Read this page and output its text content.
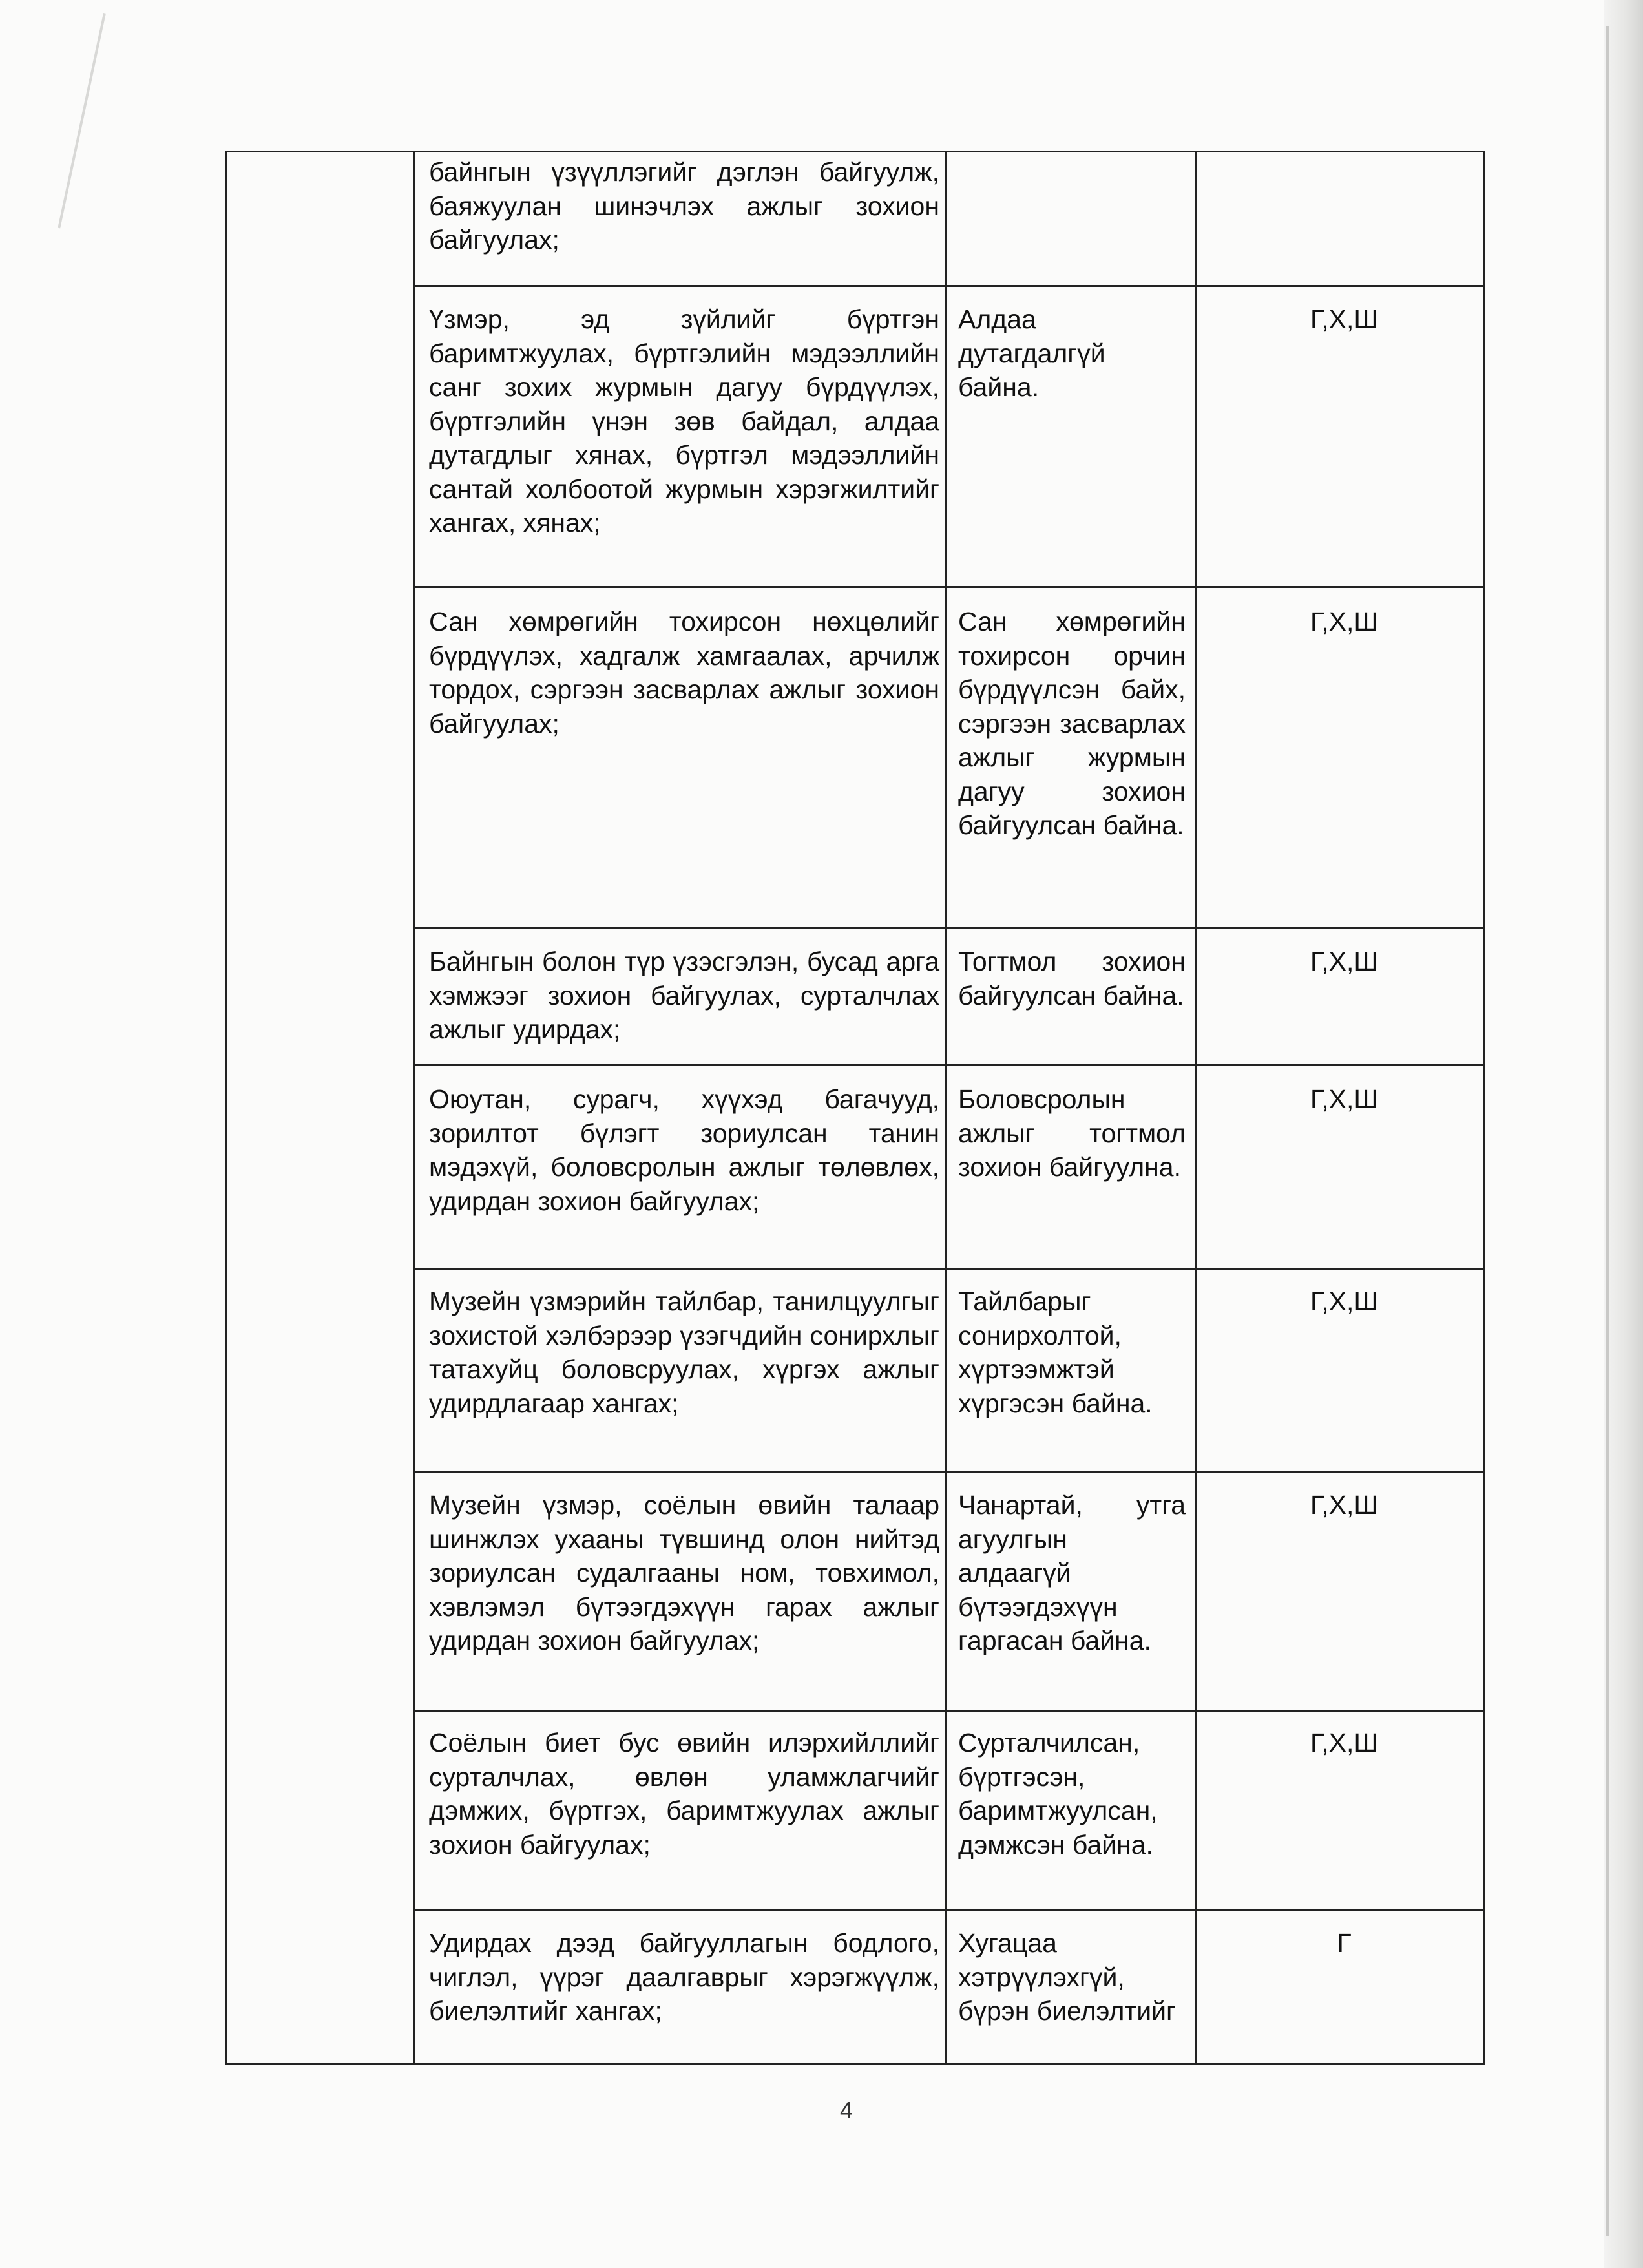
байнгын үзүүллэгийг дэглэн байгуулж, баяжуулан шинэчлэх ажлыг зохион байгуулах;
Үзмэр, эд зүйлийг бүртгэн баримтжуулах, бүртгэлийн мэдээллийн санг зохих журмын дагуу бүрдүүлэх, бүртгэлийн үнэн зөв байдал, алдаа дутагдлыг хянах, бүртгэл мэдээллийн сантай холбоотой журмын хэрэгжилтийг хангах, хянах;
Алдаа дутагдалгүй байна.
Г,Х,Ш
Сан хөмрөгийн тохирсон нөхцөлийг бүрдүүлэх, хадгалж хамгаалах, арчилж тордох, сэргээн засварлах ажлыг зохион байгуулах;
Сан хөмрөгийн тохирсон орчин бүрдүүлсэн байх, сэргээн засварлах ажлыг журмын дагуу зохион байгуулсан байна.
Г,Х,Ш
Байнгын болон түр үзэсгэлэн, бусад арга хэмжээг зохион байгуулах, сурталчлах ажлыг удирдах;
Тогтмол зохион байгуулсан байна.
Г,Х,Ш
Оюутан, сурагч, хүүхэд багачууд, зорилтот бүлэгт зориулсан танин мэдэхүй, боловсролын ажлыг төлөвлөх, удирдан зохион байгуулах;
Боловсролын ажлыг тогтмол зохион байгуулна.
Г,Х,Ш
Музейн үзмэрийн тайлбар, танилцуулгыг зохистой хэлбэрээр үзэгчдийн сонирхлыг татахуйц боловсруулах, хүргэх ажлыг удирдлагаар хангах;
Тайлбарыг сонирхолтой, хүртээмжтэй хүргэсэн байна.
Г,Х,Ш
Музейн үзмэр, соёлын өвийн талаар шинжлэх ухааны түвшинд олон нийтэд зориулсан судалгааны ном, товхимол, хэвлэмэл бүтээгдэхүүн гарах ажлыг удирдан зохион байгуулах;
Чанартай, утга агуулгын алдаагүй бүтээгдэхүүн гаргасан байна.
Г,Х,Ш
Соёлын биет бус өвийн илэрхийллийг сурталчлах, өвлөн уламжлагчийг дэмжих, бүртгэх, баримтжуулах ажлыг зохион байгуулах;
Сурталчилсан, бүртгэсэн, баримтжуулсан, дэмжсэн байна.
Г,Х,Ш
Удирдах дээд байгууллагын бодлого, чиглэл, үүрэг даалгаврыг хэрэгжүүлж, биелэлтийг хангах;
Хугацаа хэтрүүлэхгүй, бүрэн биелэлтийг
Г
4
